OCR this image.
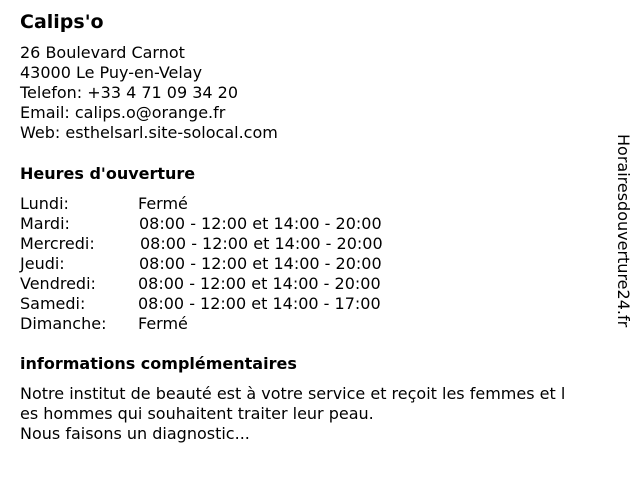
Calips'o
26 Boulevard Carnot
43000 Le Puy-en-Velay
Telefon: +33 4 71 09 34 20
Email: calips.o@orange.fr
Web: esthelsarl.site-solocal.com
Heures d'ouverture
Lundi:	Fermé
Mardi:	08:00 - 12:00 et 14:00 - 20:00
Mercredi:	08:00 - 12:00 et 14:00 - 20:00
Jeudi:	08:00 - 12:00 et 14:00 - 20:00
Vendredi:	08:00 - 12:00 et 14:00 - 20:00
Samedi:	08:00 - 12:00 et 14:00 - 17:00
Dimanche: Fermé
informations complémentaires
Notre institut de beauté est à votre service et reçoit les femmes et l
es hommes qui souhaitent traiter leur peau.
Nous faisons un diagnostic...
Horairesdouverture24.fr
